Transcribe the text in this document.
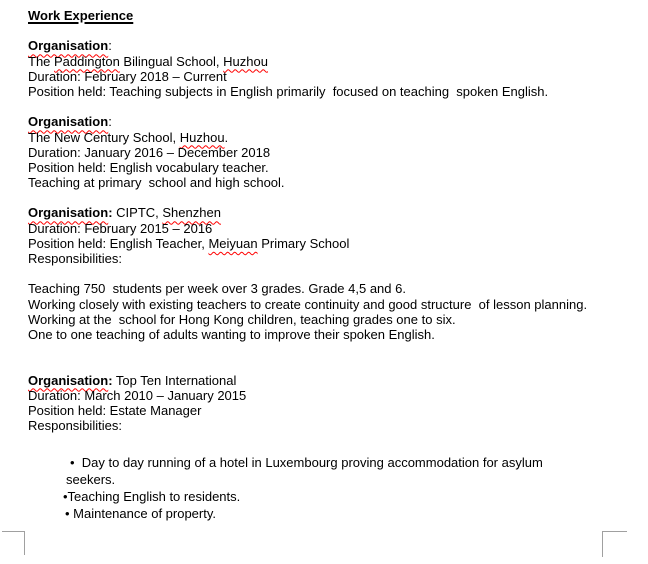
Work Experience
Organisation:
The Paddington Bilingual School, Huzhou
Duration: February 2018 – Current
Position held: Teaching subjects in English primarily  focused on teaching  spoken English.
Organisation:
The New Century School, Huzhou.
Duration: January 2016 – December 2018
Position held: English vocabulary teacher.
Teaching at primary  school and high school.
Organisation: CIPTC, Shenzhen
Duration: February 2015 – 2016
Position held: English Teacher, Meiyuan Primary School
Responsibilities:
Teaching 750  students per week over 3 grades. Grade 4,5 and 6.
Working closely with existing teachers to create continuity and good structure  of lesson planning.
Working at the  school for Hong Kong children, teaching grades one to six.
One to one teaching of adults wanting to improve their spoken English.
Organisation: Top Ten International
Duration: March 2010 – January 2015
Position held: Estate Manager
Responsibilities:
•  Day to day running of a hotel in Luxembourg proving accommodation for asylum
seekers.
•Teaching English to residents.
• Maintenance of property.
